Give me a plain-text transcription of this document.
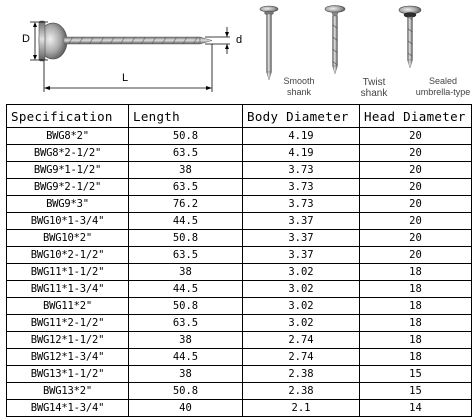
D	d
L	Smooth
shank
Twist
shank
Sealed
umbrella-type
Specification	Length	Body Diameter	Head Diameter
BWG8*2"	50.8	4.19	20
BWG8*2-1/2"	63.5	4.19	20
BWG9*1-1/2"	38	3.73	20
BWG9*2-1/2"	63.5	3.73	20
BWG9*3"	76.2	3.73	20
BWG10*1-3/4"	44.5	3.37	20
BWG10*2"	50.8	3.37	20
BWG10*2-1/2"	63.5	3.37	20
BWG11*1-1/2"	38	3.02	18
BWG11*1-3/4"	44.5	3.02	18
BWG11*2"	50.8	3.02	18
BWG11*2-1/2"	63.5	3.02	18
BWG12*1-1/2"	38	2.74	18
BWG12*1-3/4"	44.5	2.74	18
BWG13*1-1/2"	38	2.38	15
BWG13*2"	50.8	2.38	15
BWG14*1-3/4"	40	2.1	14
